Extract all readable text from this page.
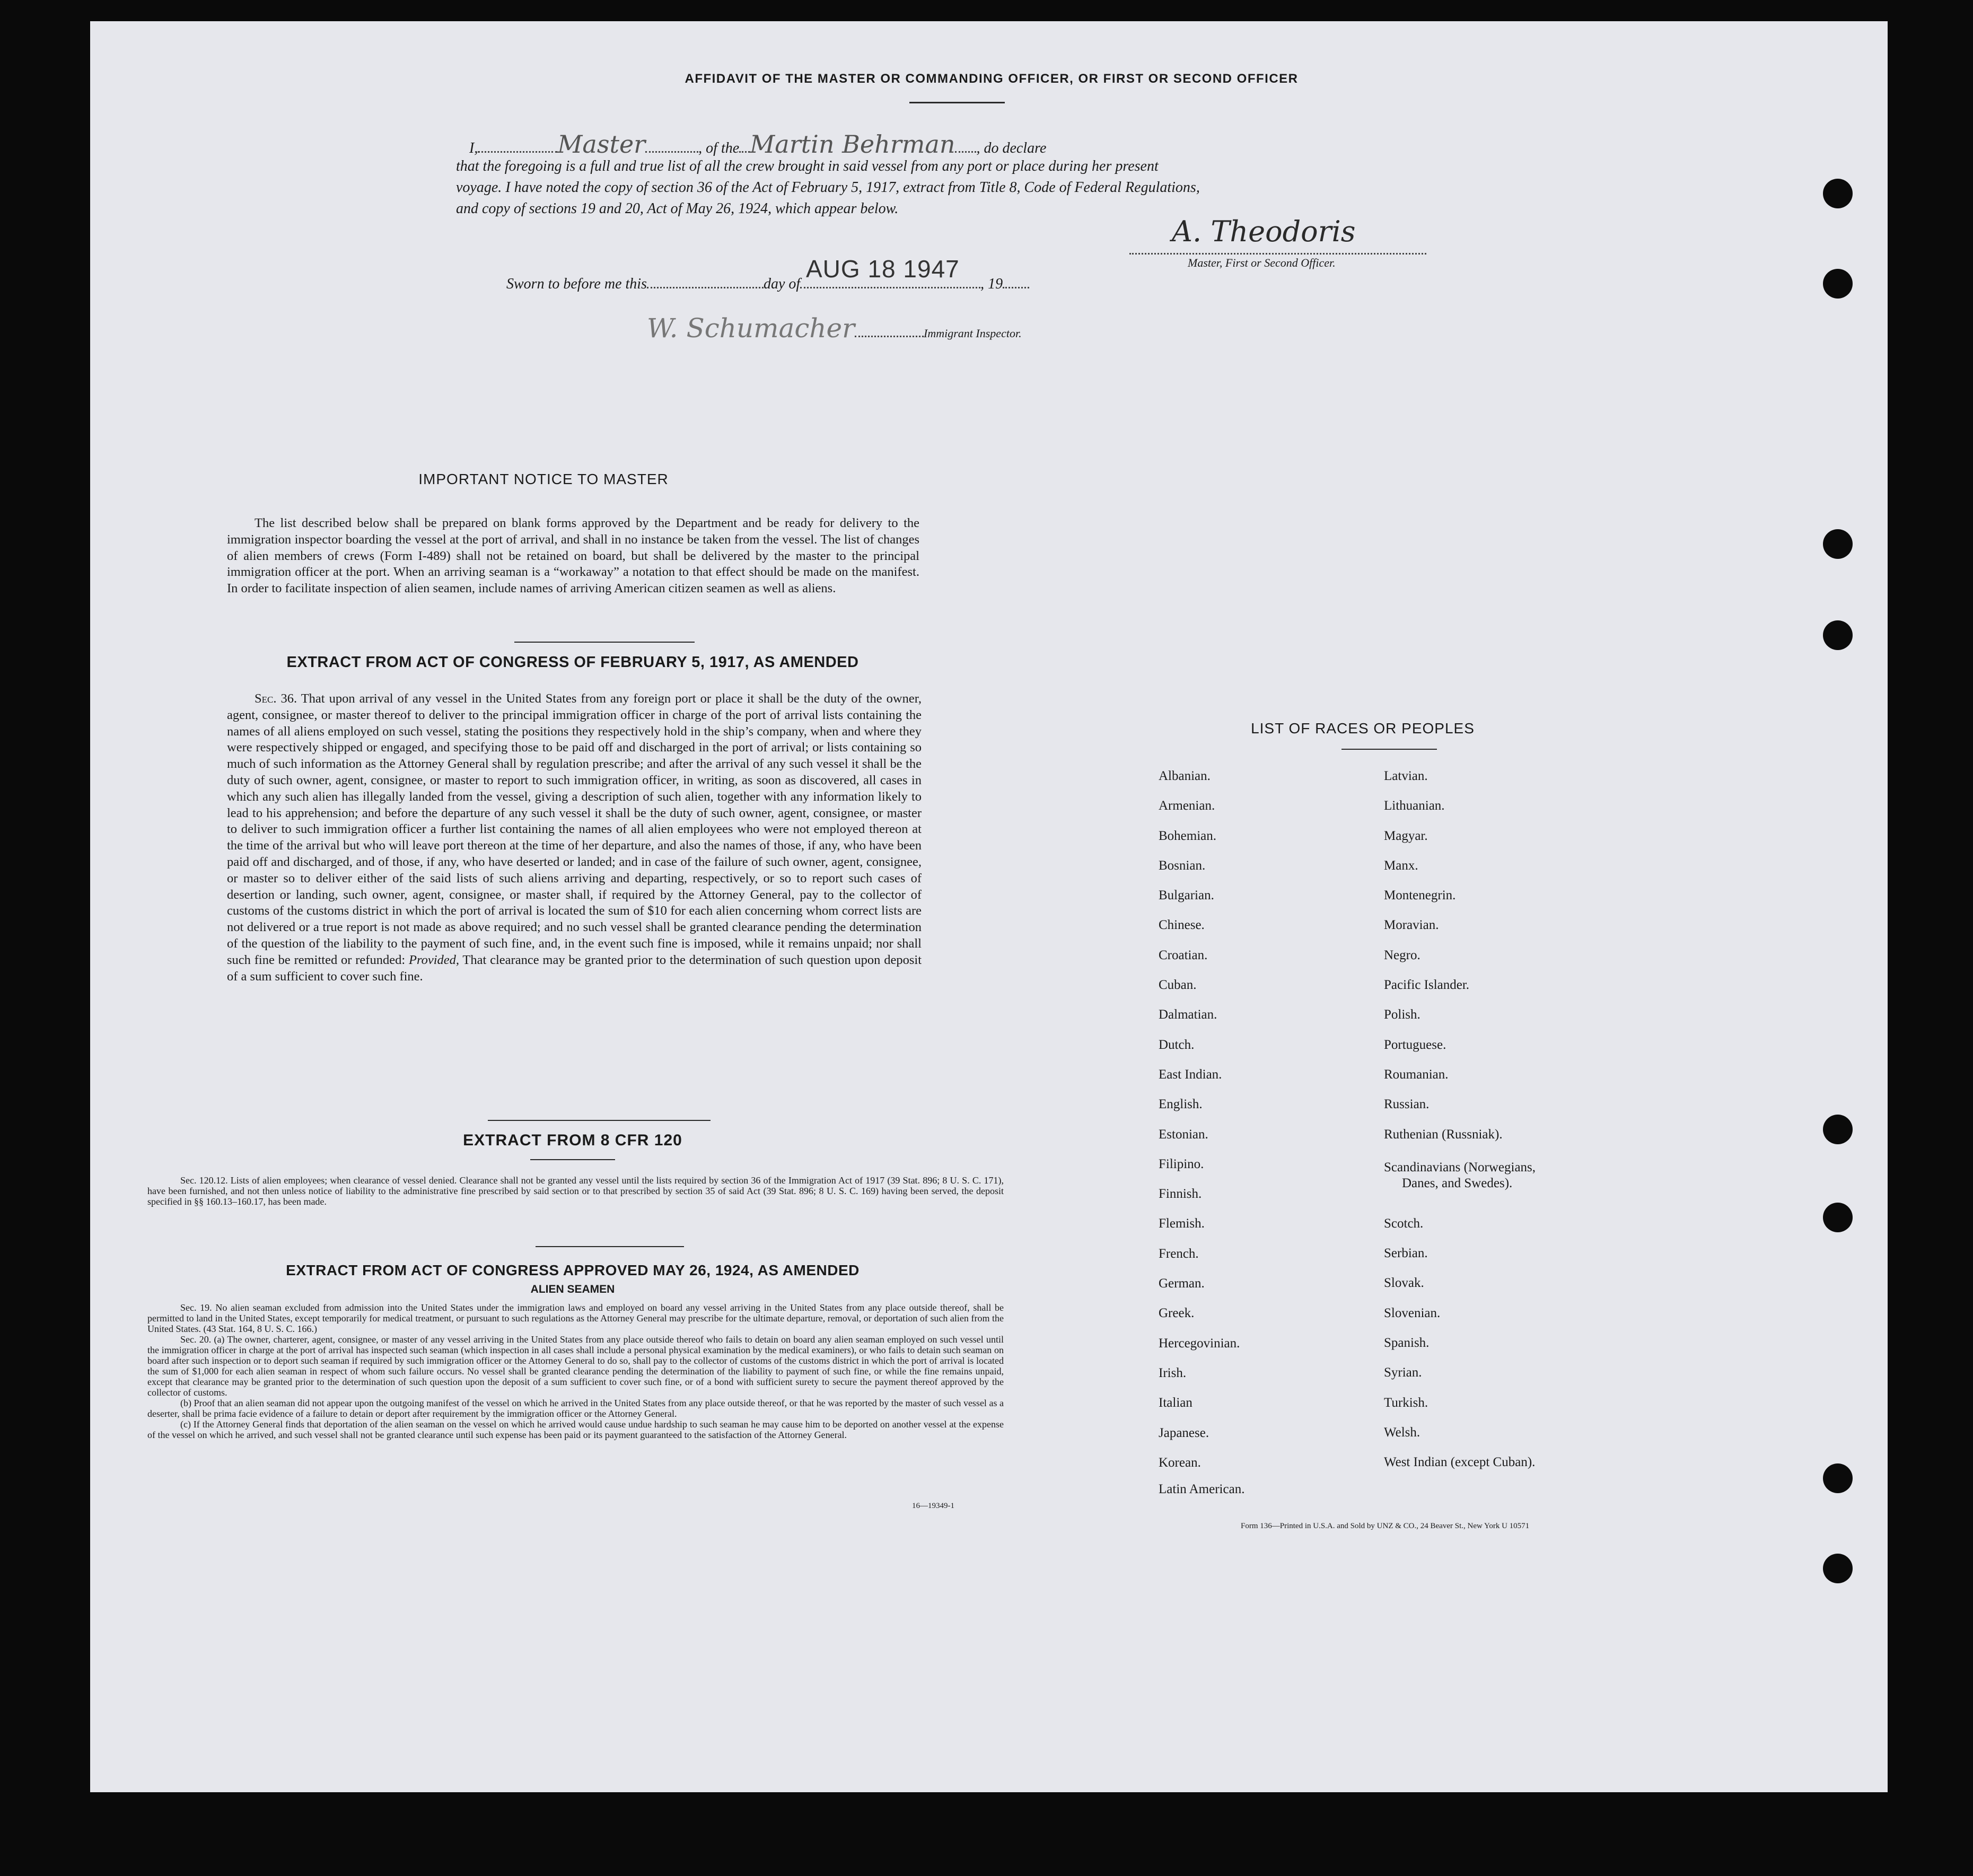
AFFIDAVIT OF THE MASTER OR COMMANDING OFFICER, OR FIRST OR SECOND OFFICER
I,	Master	, of the Martin Behrman , do declare
that the foregoing is a full and true list of all the crew brought in said vessel from any port or place during her present
voyage. I have noted the copy of section 36 of the Act of February 5, 1917, extract from Title 8, Code of Federal Regulations,
and copy of sections 19 and 20, Act of May 26, 1924, which appear below.
A. Theodoris
Master, First or Second Officer.
Sworn to before me this	day of	, 19
AUG 18 1947
W. Schumacher	Immigrant Inspector.
IMPORTANT NOTICE TO MASTER
The list described below shall be prepared on blank forms approved by the Department and be ready for delivery to the immigration inspector boarding the vessel at the port of arrival, and shall in no instance be taken from the vessel. The list of changes of alien members of crews (Form I-489) shall not be retained on board, but shall be delivered by the master to the principal immigration officer at the port. When an arriving seaman is a “workaway” a notation to that effect should be made on the manifest. In order to facilitate inspection of alien seamen, include names of arriving American citizen seamen as well as aliens.
EXTRACT FROM ACT OF CONGRESS OF FEBRUARY 5, 1917, AS AMENDED
Sec. 36. That upon arrival of any vessel in the United States from any foreign port or place it shall be the duty of the owner, agent, consignee, or master thereof to deliver to the principal immigration officer in charge of the port of arrival lists containing the names of all aliens employed on such vessel, stating the positions they respectively hold in the ship’s company, when and where they were respectively shipped or engaged, and specifying those to be paid off and discharged in the port of arrival; or lists containing so much of such information as the Attorney General shall by regulation prescribe; and after the arrival of any such vessel it shall be the duty of such owner, agent, consignee, or master to report to such immigration officer, in writing, as soon as discovered, all cases in which any such alien has illegally landed from the vessel, giving a description of such alien, together with any information likely to lead to his apprehension; and before the departure of any such vessel it shall be the duty of such owner, agent, consignee, or master to deliver to such immigration officer a further list containing the names of all alien employees who were not employed thereon at the time of the arrival but who will leave port thereon at the time of her departure, and also the names of those, if any, who have been paid off and discharged, and of those, if any, who have deserted or landed; and in case of the failure of such owner, agent, consignee, or master so to deliver either of the said lists of such aliens arriving and departing, respectively, or so to report such cases of desertion or landing, such owner, agent, consignee, or master shall, if required by the Attorney General, pay to the collector of customs of the customs district in which the port of arrival is located the sum of $10 for each alien concerning whom correct lists are not delivered or a true report is not made as above required; and no such vessel shall be granted clearance pending the determination of the question of the liability to the payment of such fine, and, in the event such fine is imposed, while it remains unpaid; nor shall such fine be remitted or refunded: Provided, That clearance may be granted prior to the determination of such question upon deposit of a sum sufficient to cover such fine.
EXTRACT FROM 8 CFR 120
Sec. 120.12. Lists of alien employees; when clearance of vessel denied. Clearance shall not be granted any vessel until the lists required by section 36 of the Immigration Act of 1917 (39 Stat. 896; 8 U. S. C. 171), have been furnished, and not then unless notice of liability to the administrative fine prescribed by said section or to that prescribed by section 35 of said Act (39 Stat. 896; 8 U. S. C. 169) having been served, the deposit specified in §§ 160.13–160.17, has been made.
EXTRACT FROM ACT OF CONGRESS APPROVED MAY 26, 1924, AS AMENDED
ALIEN SEAMEN
Sec. 19. No alien seaman excluded from admission into the United States under the immigration laws and employed on board any vessel arriving in the United States from any place outside thereof, shall be permitted to land in the United States, except temporarily for medical treatment, or pursuant to such regulations as the Attorney General may prescribe for the ultimate departure, removal, or deportation of such alien from the United States. (43 Stat. 164, 8 U. S. C. 166.)
Sec. 20. (a) The owner, charterer, agent, consignee, or master of any vessel arriving in the United States from any place outside thereof who fails to detain on board any alien seaman employed on such vessel until the immigration officer in charge at the port of arrival has inspected such seaman (which inspection in all cases shall include a personal physical examination by the medical examiners), or who fails to detain such seaman on board after such inspection or to deport such seaman if required by such immigration officer or the Attorney General to do so, shall pay to the collector of customs of the customs district in which the port of arrival is located the sum of $1,000 for each alien seaman in respect of whom such failure occurs. No vessel shall be granted clearance pending the determination of the liability to payment of such fine, or while the fine remains unpaid, except that clearance may be granted prior to the determination of such question upon the deposit of a sum sufficient to cover such fine, or of a bond with sufficient surety to secure the payment thereof approved by the collector of customs.
(b) Proof that an alien seaman did not appear upon the outgoing manifest of the vessel on which he arrived in the United States from any place outside thereof, or that he was reported by the master of such vessel as a deserter, shall be prima facie evidence of a failure to detain or deport after requirement by the immigration officer or the Attorney General.
(c) If the Attorney General finds that deportation of the alien seaman on the vessel on which he arrived would cause undue hardship to such seaman he may cause him to be deported on another vessel at the expense of the vessel on which he arrived, and such vessel shall not be granted clearance until such expense has been paid or its payment guaranteed to the satisfaction of the Attorney General.
16—19349-1
LIST OF RACES OR PEOPLES
Albanian.
Armenian.
Bohemian.
Bosnian.
Bulgarian.
Chinese.
Croatian.
Cuban.
Dalmatian.
Dutch.
East Indian.
English.
Estonian.
Filipino.
Finnish.
Flemish.
French.
German.
Greek.
Hercegovinian.
Irish.
Italian
Japanese.
Korean.
Latin American.
Latvian.
Lithuanian.
Magyar.
Manx.
Montenegrin.
Moravian.
Negro.
Pacific Islander.
Polish.
Portuguese.
Roumanian.
Russian.
Ruthenian (Russniak).
Scandinavians (Norwegians,
Danes, and Swedes).
Scotch.
Serbian.
Slovak.
Slovenian.
Spanish.
Syrian.
Turkish.
Welsh.
West Indian (except Cuban).
Form 136—Printed in U.S.A. and Sold by UNZ & CO., 24 Beaver St., New York U 10571
